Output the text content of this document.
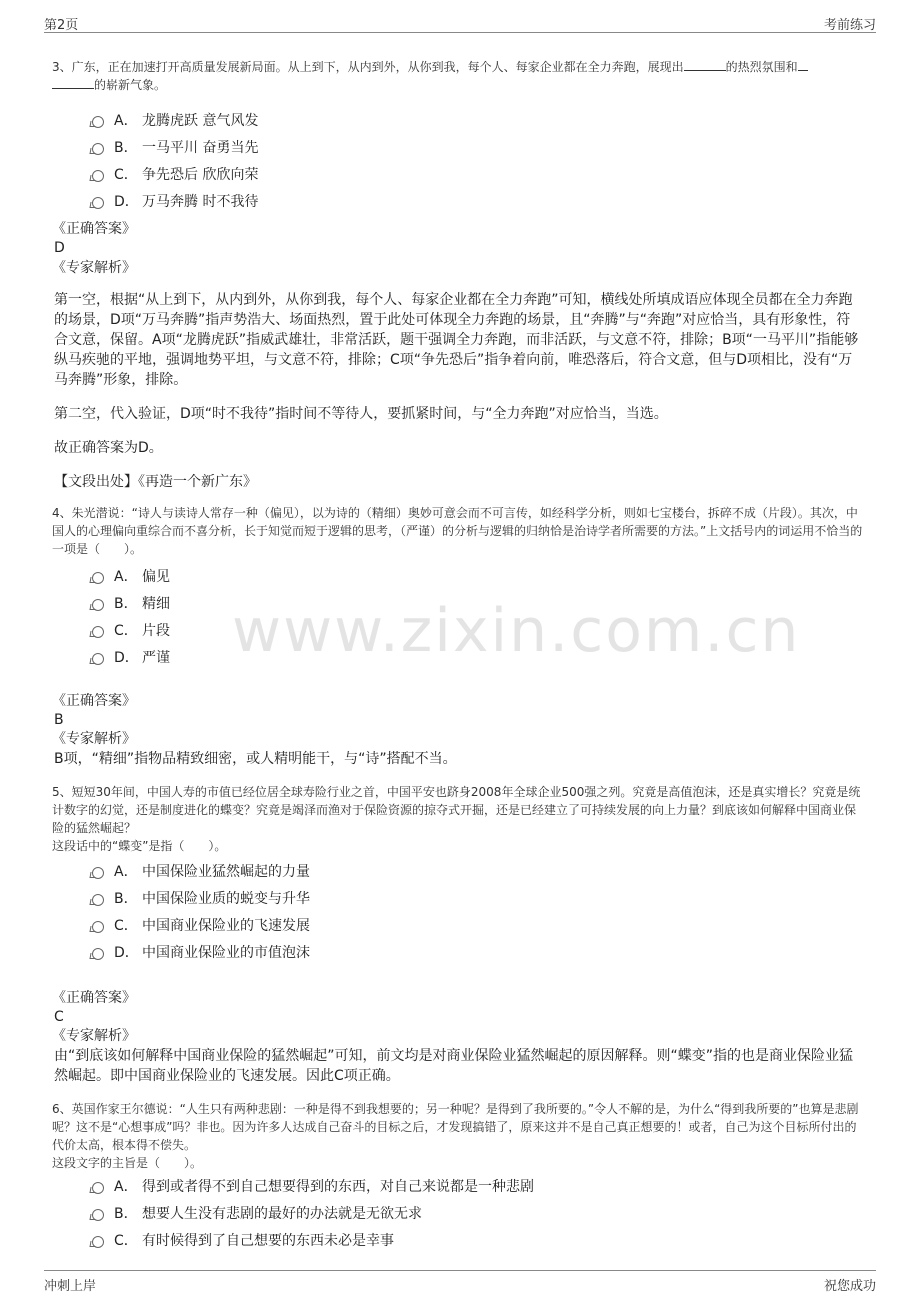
第2页	考前练习
www.zixin.com.cn

3、广东，正在加速打开高质量发展新局面。从上到下，从内到外，从你到我，每个人、每家企业都在全力奔跑，展现出	的热烈氛围和
的崭新气象。

A． 龙腾虎跃 意气风发
B． 一马平川 奋勇当先
C． 争先恐后 欣欣向荣
D． 万马奔腾 时不我待
《正确答案》
D
《专家解析》

第一空，根据“从上到下，从内到外，从你到我，每个人、每家企业都在全力奔跑”可知，横线处所填成语应体现全员都在全力奔跑的场景，D项“万马奔腾”指声势浩大、场面热烈，置于此处可体现全力奔跑的场景，且“奔腾”与“奔跑”对应恰当，具有形象性，符合文意，保留。A项“龙腾虎跃”指威武雄壮，非常活跃，题干强调全力奔跑，而非活跃，与文意不符，排除；B项“一马平川”指能够纵马疾驰的平地，强调地势平坦，与文意不符，排除；C项“争先恐后”指争着向前，唯恐落后，符合文意，但与D项相比，没有“万马奔腾”形象，排除。

第二空，代入验证，D项“时不我待”指时间不等待人，要抓紧时间，与“全力奔跑”对应恰当，当选。

故正确答案为D。

【文段出处】《再造一个新广东》

4、朱光潜说：“诗人与读诗人常存一种（偏见），以为诗的（精细）奥妙可意会而不可言传，如经科学分析，则如七宝楼台，拆碎不成（片段）。其次，中国人的心理偏向重综合而不喜分析，长于知觉而短于逻辑的思考，（严谨）的分析与逻辑的归纳恰是治诗学者所需要的方法。”上文括号内的词运用不恰当的一项是（　　）。

A． 偏见
B． 精细
C． 片段
D． 严谨
《正确答案》
B
《专家解析》

B项，“精细”指物品精致细密，或人精明能干，与“诗”搭配不当。

5、短短30年间，中国人寿的市值已经位居全球寿险行业之首，中国平安也跻身2008年全球企业500强之列。究竟是高值泡沫，还是真实增长？究竟是统计数字的幻觉，还是制度进化的蝶变？究竟是竭泽而渔对于保险资源的掠夺式开掘，还是已经建立了可持续发展的向上力量？到底该如何解释中国商业保险的猛然崛起？

这段话中的“蝶变”是指（　　）。

A． 中国保险业猛然崛起的力量
B． 中国保险业质的蜕变与升华
C． 中国商业保险业的飞速发展
D． 中国商业保险业的市值泡沫
《正确答案》
C
《专家解析》

由“到底该如何解释中国商业保险的猛然崛起”可知，前文均是对商业保险业猛然崛起的原因解释。则“蝶变”指的也是商业保险业猛然崛起。即中国商业保险业的飞速发展。因此C项正确。

6、英国作家王尔德说：“人生只有两种悲剧：一种是得不到我想要的；另一种呢？是得到了我所要的。”令人不解的是，为什么“得到我所要的”也算是悲剧呢？这不是“心想事成”吗？非也。因为许多人达成自己奋斗的目标之后，才发现搞错了，原来这并不是自己真正想要的！或者，自己为这个目标所付出的代价太高，根本得不偿失。

这段文字的主旨是（　　）。

A． 得到或者得不到自己想要得到的东西，对自己来说都是一种悲剧
B． 想要人生没有悲剧的最好的办法就是无欲无求
C． 有时候得到了自己想要的东西未必是幸事
冲刺上岸	祝您成功
